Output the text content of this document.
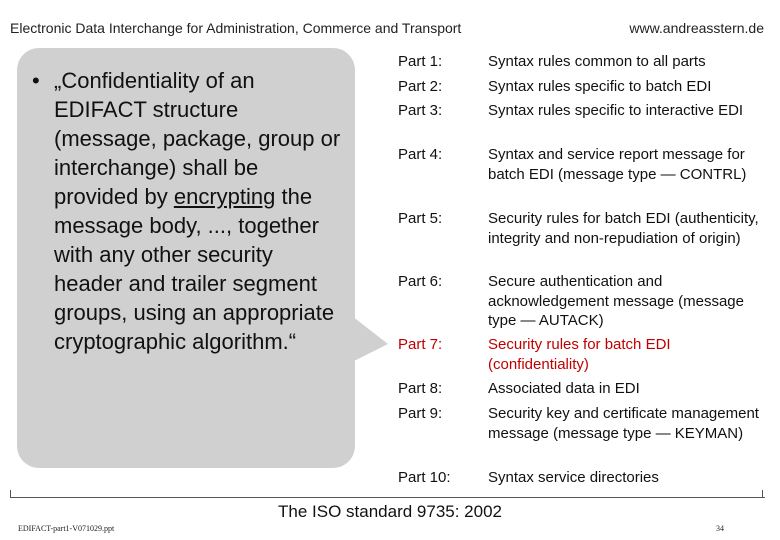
Electronic Data Interchange for Administration, Commerce and Transport	www.andreasstern.de
• „Confidentiality of an EDIFACT structure (message, package, group or interchange) shall be provided by encrypting the message body, ..., together with any other security header and trailer segment groups, using an appropriate cryptographic algorithm.“
Part 1:	Syntax rules common to all parts
Part 2:	Syntax rules specific to batch EDI
Part 3:	Syntax rules specific to interactive EDI
Part 4:	Syntax and service report message for batch EDI (message type — CONTRL)
Part 5:	Security rules for batch EDI (authenticity, integrity and non-repudiation of origin)
Part 6:	Secure authentication and acknowledgement message (message type — AUTACK)
Part 7:	Security rules for batch EDI (confidentiality)
Part 8:	Associated data in EDI
Part 9:	Security key and certificate management message (message type — KEYMAN)
Part 10:	Syntax service directories
The ISO standard 9735: 2002
EDIFACT-part1-V071029.ppt	34
